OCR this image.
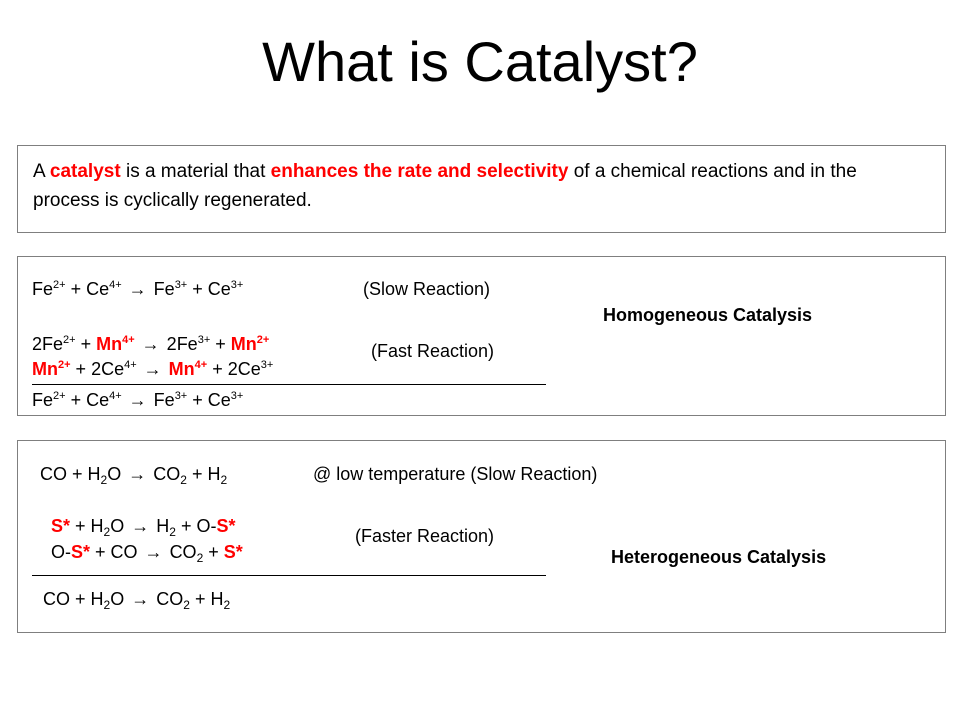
What is Catalyst?
A catalyst is a material that enhances the rate and selectivity of a chemical reactions and in the process is cyclically regenerated.
$Fe^{2+} + Ce^{4+} \to Fe^{3+} + Ce^{3+}$	(Slow Reaction)
Homogeneous Catalysis
$2Fe^{2+} + Mn^{4+} \to 2Fe^{3+} + Mn^{2+}$
(Fast Reaction)
$Mn^{2+} + 2Ce^{4+} \to Mn^{4+} + 2Ce^{3+}$
$Fe^{2+} + Ce^{4+} \to Fe^{3+} + Ce^{3+}$
CO + $H_2O \to CO_2 + H_2$	@ low temperature (Slow Reaction)
$S* + H_2O \to H_2 + O-S*$	(Faster Reaction)
O-S* + CO → $CO_2 + S*$	Heterogeneous Catalysis
CO + $H_2O \to CO_2 + H_2$
